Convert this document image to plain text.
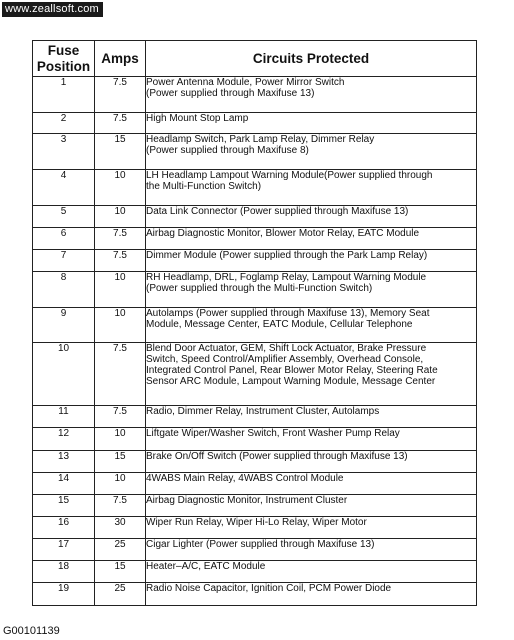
www.zeallsoft.com
Fuse Position	Amps	Circuits Protected
1	7.5	Power Antenna Module, Power Mirror Switch
(Power supplied through Maxifuse 13)

2	7.5	High Mount Stop Lamp

3	15	Headlamp Switch, Park Lamp Relay, Dimmer Relay
(Power supplied through Maxifuse 8)

4	10	LH Headlamp Lampout Warning Module(Power supplied through
the Multi-Function Switch)

5	10	Data Link Connector (Power supplied through Maxifuse 13)

6	7.5	Airbag Diagnostic Monitor, Blower Motor Relay, EATC Module

7	7.5	Dimmer Module (Power supplied through the Park Lamp Relay)

8	10	RH Headlamp, DRL, Foglamp Relay, Lampout Warning Module
(Power supplied through the Multi-Function Switch)

9	10	Autolamps (Power supplied through Maxifuse 13), Memory Seat
Module, Message Center, EATC Module, Cellular Telephone

10	7.5	Blend Door Actuator, GEM, Shift Lock Actuator, Brake Pressure
Switch, Speed Control/Amplifier Assembly, Overhead Console,
Integrated Control Panel, Rear Blower Motor Relay, Steering Rate
Sensor ARC Module, Lampout Warning Module, Message Center

11	7.5	Radio, Dimmer Relay, Instrument Cluster, Autolamps

12	10	Liftgate Wiper/Washer Switch, Front Washer Pump Relay

13	15	Brake On/Off Switch (Power supplied through Maxifuse 13)

14	10	4WABS Main Relay, 4WABS Control Module

15	7.5	Airbag Diagnostic Monitor, Instrument Cluster

16	30	Wiper Run Relay, Wiper Hi-Lo Relay, Wiper Motor

17	25	Cigar Lighter (Power supplied through Maxifuse 13)

18	15	Heater–A/C, EATC Module

19	25	Radio Noise Capacitor, Ignition Coil, PCM Power Diode
G00101139
